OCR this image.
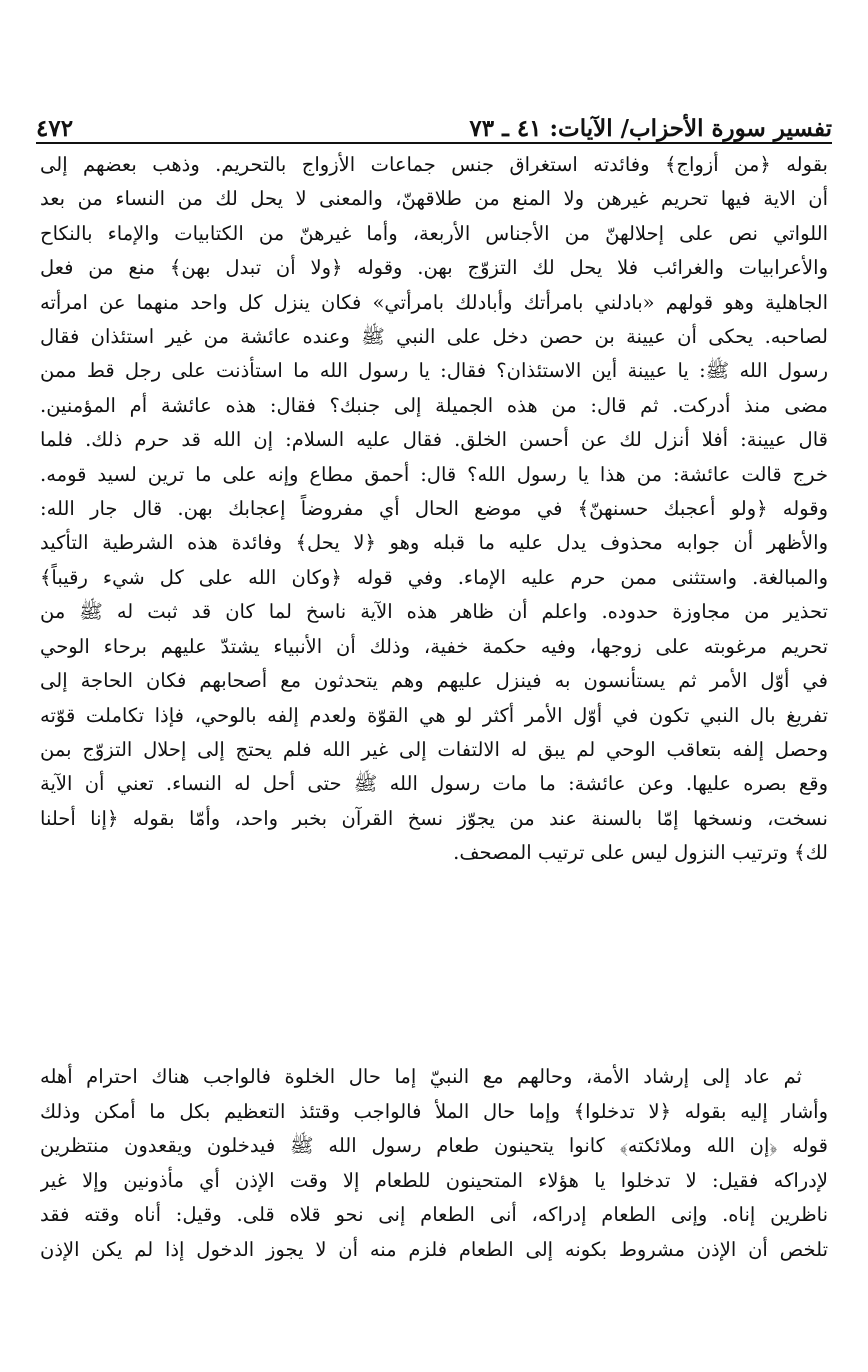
تفسير سورة الأحزاب/ الآيات: ٤١ ـ ٧٣
٤٧٢

بقوله ﴿من أزواج﴾ وفائدته استغراق جنس جماعات الأزواج بالتحريم. وذهب بعضهم إلى
أن الاية فيها تحريم غيرهن ولا المنع من طلاقهنّ، والمعنى لا يحل لك من النساء من بعد
اللواتي نص على إحلالهنّ من الأجناس الأربعة، وأما غيرهنّ من الكتابيات والإماء بالنكاح
والأعرابيات والغرائب فلا يحل لك التزوّج بهن. وقوله ﴿ولا أن تبدل بهن﴾ منع من فعل
الجاهلية وهو قولهم «بادلني بامرأتك وأبادلك بامرأتي» فكان ينزل كل واحد منهما عن امرأته
لصاحبه. يحكى أن عيينة بن حصن دخل على النبي ﷺ وعنده عائشة من غير استئذان فقال
رسول الله ﷺ: يا عيينة أين الاستئذان؟ فقال: يا رسول الله ما استأذنت على رجل قط ممن
مضى منذ أدركت. ثم قال: من هذه الجميلة إلى جنبك؟ فقال: هذه عائشة أم المؤمنين.
قال عيينة: أفلا أنزل لك عن أحسن الخلق. فقال عليه السلام: إن الله قد حرم ذلك. فلما
خرج قالت عائشة: من هذا يا رسول الله؟ قال: أحمق مطاع وإنه على ما ترين لسيد قومه.
وقوله ﴿ولو أعجبك حسنهنّ﴾ في موضع الحال أي مفروضاً إعجابك بهن. قال جار الله:
والأظهر أن جوابه محذوف يدل عليه ما قبله وهو ﴿لا يحل﴾ وفائدة هذه الشرطية التأكيد
والمبالغة. واستثنى ممن حرم عليه الإماء. وفي قوله ﴿وكان الله على كل شيء رقيباً﴾
تحذير من مجاوزة حدوده. واعلم أن ظاهر هذه الآية ناسخ لما كان قد ثبت له ﷺ من
تحريم مرغوبته على زوجها، وفيه حكمة خفية، وذلك أن الأنبياء يشتدّ عليهم برحاء الوحي
في أوّل الأمر ثم يستأنسون به فينزل عليهم وهم يتحدثون مع أصحابهم فكان الحاجة إلى
تفريغ بال النبي تكون في أوّل الأمر أكثر لو هي القوّة ولعدم إلفه بالوحي، فإذا تكاملت قوّته
وحصل إلفه بتعاقب الوحي لم يبق له الالتفات إلى غير الله فلم يحتج إلى إحلال التزوّج بمن
وقع بصره عليها. وعن عائشة: ما مات رسول الله ﷺ حتى أحل له النساء. تعني أن الآية
نسخت، ونسخها إمّا بالسنة عند من يجوّز نسخ القرآن بخبر واحد، وأمّا بقوله ﴿إنا أحلنا
لك﴾ وترتيب النزول ليس على ترتيب المصحف.

ثم عاد إلى إرشاد الأمة، وحالهم مع النبيّ إما حال الخلوة فالواجب هناك احترام أهله
وأشار إليه بقوله ﴿لا تدخلوا﴾ وإما حال الملأ فالواجب وقتئذ التعظيم بكل ما أمكن وذلك
قوله ﴿إن الله وملائكته﴾ كانوا يتحينون طعام رسول الله ﷺ فيدخلون ويقعدون منتظرين
لإدراكه فقيل: لا تدخلوا يا هؤلاء المتحينون للطعام إلا وقت الإذن أي مأذونين وإلا غير
ناظرين إناه. وإنى الطعام إدراكه، أنى الطعام إنى نحو قلاه قلى. وقيل: أناه وقته فقد
تلخص أن الإذن مشروط بكونه إلى الطعام فلزم منه أن لا يجوز الدخول إذا لم يكن الإذن
